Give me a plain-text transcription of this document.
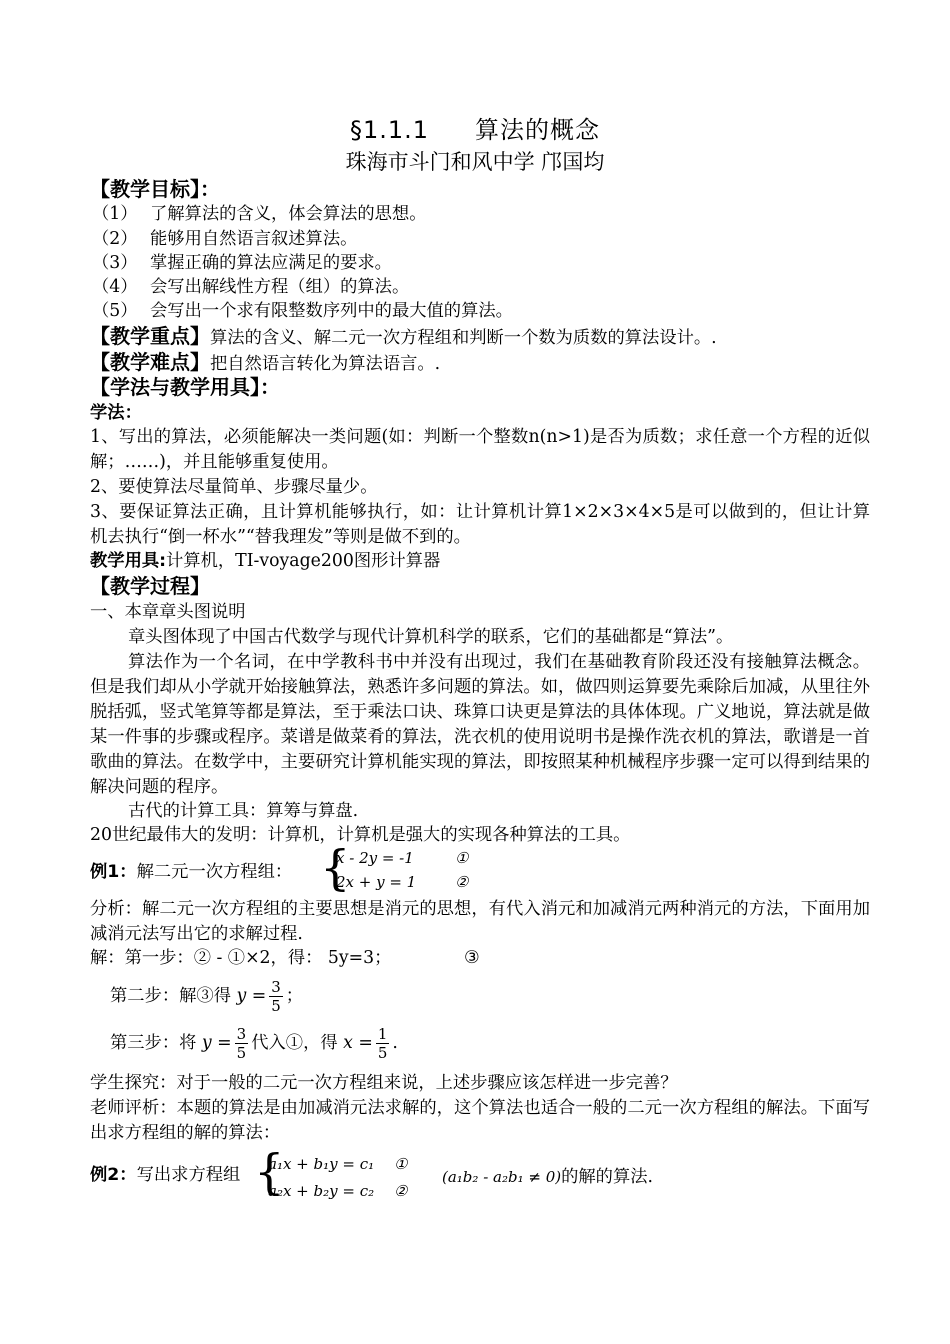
§1.1.1 算法的概念
珠海市斗门和风中学 邝国均
【教学目标】：
（1） 了解算法的含义，体会算法的思想。
（2） 能够用自然语言叙述算法。
（3） 掌握正确的算法应满足的要求。
（4） 会写出解线性方程（组）的算法。
（5） 会写出一个求有限整数序列中的最大值的算法。
【教学重点】算法的含义、解二元一次方程组和判断一个数为质数的算法设计。.
【教学难点】把自然语言转化为算法语言。.
【学法与教学用具】：
学法：
1、写出的算法，必须能解决一类问题(如：判断一个整数n(n>1)是否为质数；求任意一个方程的近似解；……)，并且能够重复使用。
2、要使算法尽量简单、步骤尽量少。
3、要保证算法正确，且计算机能够执行，如：让计算机计算1×2×3×4×5是可以做到的，但让计算机去执行“倒一杯水”“替我理发”等则是做不到的。
教学用具:计算机，TI-voyage200图形计算器
【教学过程】
一、本章章头图说明
章头图体现了中国古代数学与现代计算机科学的联系，它们的基础都是“算法”。
算法作为一个名词，在中学教科书中并没有出现过，我们在基础教育阶段还没有接触算法概念。但是我们却从小学就开始接触算法，熟悉许多问题的算法。如，做四则运算要先乘除后加减，从里往外脱括弧，竖式笔算等都是算法，至于乘法口诀、珠算口诀更是算法的具体体现。广义地说，算法就是做某一件事的步骤或程序。菜谱是做菜肴的算法，洗衣机的使用说明书是操作洗衣机的算法，歌谱是一首歌曲的算法。在数学中，主要研究计算机能实现的算法，即按照某种机械程序步骤一定可以得到结果的解决问题的程序。
古代的计算工具：算筹与算盘.
20世纪最伟大的发明：计算机，计算机是强大的实现各种算法的工具。
例1：解二元一次方程组： {
x - 2y = -1
2x + y = 1
①
②
分析：解二元一次方程组的主要思想是消元的思想，有代入消元和加减消元两种消元的方法，下面用加减消元法写出它的求解过程.
解：第一步：② - ①×2，得： 5y=3；	③
第二步：解③得 $y = \frac{3}{5}$ ；
第三步：将 $y = \frac{3}{5}$ 代入①，得 $x = \frac{1}{5}$ .
学生探究：对于一般的二元一次方程组来说，上述步骤应该怎样进一步完善？
老师评析：本题的算法是由加减消元法求解的，这个算法也适合一般的二元一次方程组的解法。下面写出求方程组的解的算法：
例2：写出求方程组 {
a₁x + b₁y = c₁
a₂x + b₂y = c₂
①
②
(a₁b₂ - a₂b₁ ≠ 0)的解的算法.
